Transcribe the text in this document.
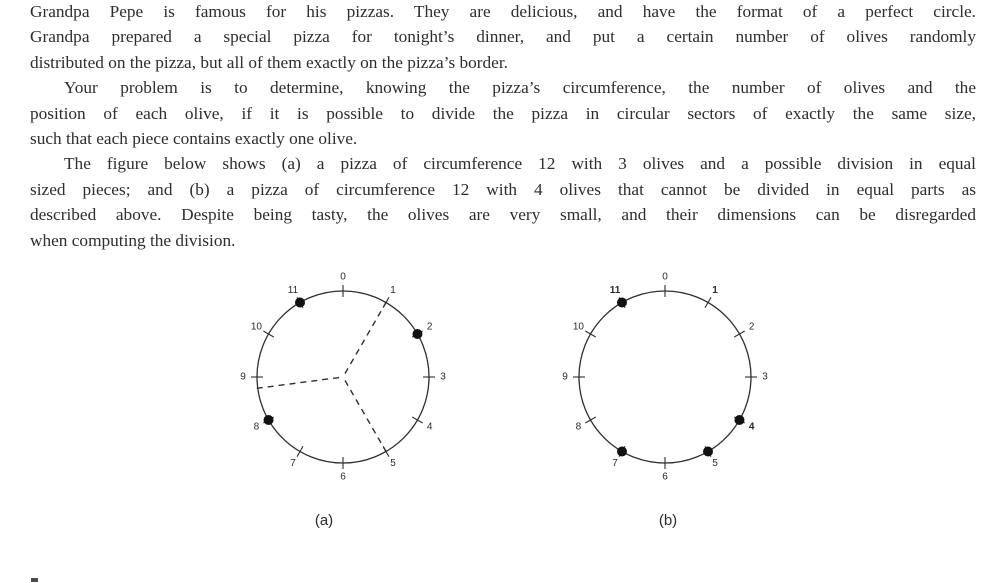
Grandpa Pepe is famous for his pizzas. They are delicious, and have the format of a perfect circle.
Grandpa prepared a special pizza for tonight’s dinner, and put a certain number of olives randomly
distributed on the pizza, but all of them exactly on the pizza’s border.
Your problem is to determine, knowing the pizza’s circumference, the number of olives and the
position of each olive, if it is possible to divide the pizza in circular sectors of exactly the same size,
such that each piece contains exactly one olive.
The figure below shows (a) a pizza of circumference 12 with 3 olives and a possible division in equal
sized pieces; and (b) a pizza of circumference 12 with 4 olives that cannot be divided in equal parts as
described above. Despite being tasty, the olives are very small, and their dimensions can be disregarded
when computing the division.
0
1
2
3
4
5
6
7
8
9
10
11
(a)
0
1
2
3
4
5
6
7
8
9
10
11
(b)
